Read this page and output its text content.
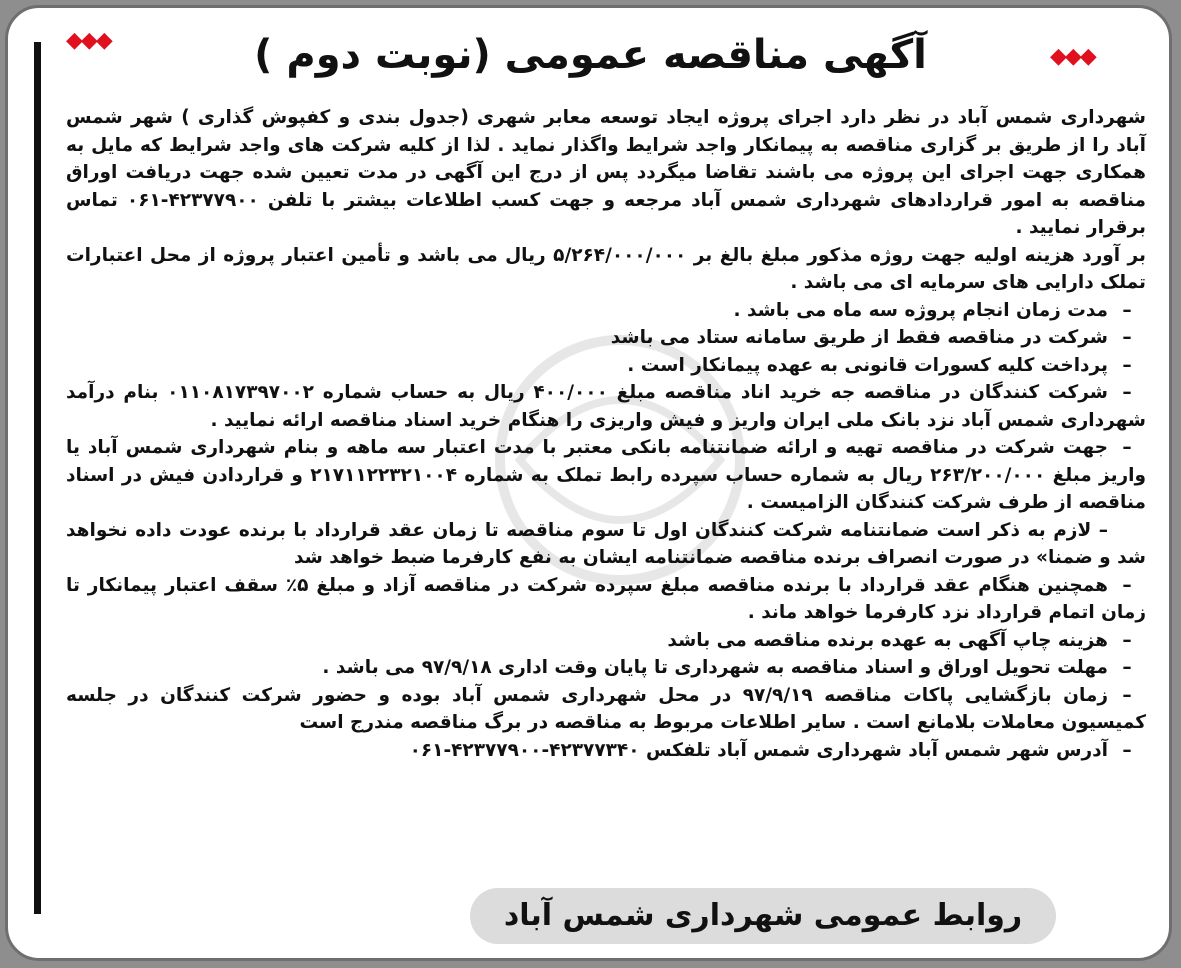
◆◆◆
◆◆◆
آگهی مناقصه عمومی (نوبت دوم )

شهرداری شمس آباد در نظر دارد اجرای پروژه ایجاد توسعه معابر شهری (جدول بندی و کفپوش گذاری ) شهر شمس آباد را از طریق بر گزاری مناقصه به پیمانکار واجد شرایط واگذار نماید . لذا از کلیه شرکت های واجد شرایط که مایل به همکاری جهت اجرای این پروژه می باشند تقاضا میگردد پس از درج این آگهی در مدت تعیین شده جهت دریافت اوراق مناقصه به امور قراردادهای شهرداری شمس آباد مرجعه و جهت کسب اطلاعات بیشتر با تلفن ۴۲۳۷۷۹۰۰-۰۶۱ تماس برقرار نمایید .

بر آورد هزینه اولیه جهت روژه مذکور مبلغ بالغ بر ۵/۲۶۴/۰۰۰/۰۰۰ ریال می باشد و تأمین اعتبار پروژه از محل اعتبارات تملک دارایی های سرمایه ای می باشد .

–مدت زمان انجام پروژه سه ماه می باشد .

–شرکت در مناقصه فقط از طریق سامانه ستاد می باشد

–پرداخت کلیه کسورات قانونی به عهده پیمانکار است .

–شرکت کنندگان در مناقصه جه خرید اناد مناقصه مبلغ ۴۰۰/۰۰۰ ریال به حساب شماره ۰۱۱۰۸۱۷۳۹۷۰۰۲ بنام درآمد شهرداری شمس آباد نزد بانک ملی ایران واریز و فیش واریزی را هنگام خرید اسناد مناقصه ارائه نمایید .

–جهت شرکت در مناقصه تهیه و ارائه ضمانتنامه بانکی معتبر با مدت اعتبار سه ماهه و بنام شهرداری شمس آباد یا واریز مبلغ ۲۶۳/۲۰۰/۰۰۰ ریال به شماره حساب سپرده رابط تملک به شماره ۲۱۷۱۱۲۲۳۲۱۰۰۴ و قراردادن فیش در اسناد مناقصه از طرف شرکت کنندگان الزامیست .

– لازم به ذکر است ضمانتنامه شرکت کنندگان اول تا سوم مناقصه تا زمان عقد قرارداد با برنده عودت داده نخواهد شد و ضمنا» در صورت انصراف برنده مناقصه ضمانتنامه ایشان به نفع کارفرما ضبط خواهد شد

–همچنین هنگام عقد قرارداد با برنده مناقصه مبلغ سپرده شرکت در مناقصه آزاد و مبلغ ۵٪ سقف اعتبار پیمانکار تا زمان اتمام قرارداد نزد کارفرما خواهد ماند .

–هزینه چاپ آگهی به عهده برنده مناقصه می باشد

–مهلت تحویل اوراق و اسناد مناقصه به شهرداری تا پایان وقت اداری ۹۷/۹/۱۸ می باشد .

–زمان بازگشایی پاکات مناقصه ۹۷/۹/۱۹ در محل شهرداری شمس آباد بوده و حضور شرکت کنندگان در جلسه کمیسیون معاملات بلامانع است . سایر اطلاعات مربوط به مناقصه در برگ مناقصه مندرج است

–آدرس شهر شمس آباد شهرداری شمس آباد تلفکس ۴۲۳۷۷۳۴۰-۴۲۳۷۷۹۰۰-۰۶۱

روابط عمومی شهرداری شمس آباد
